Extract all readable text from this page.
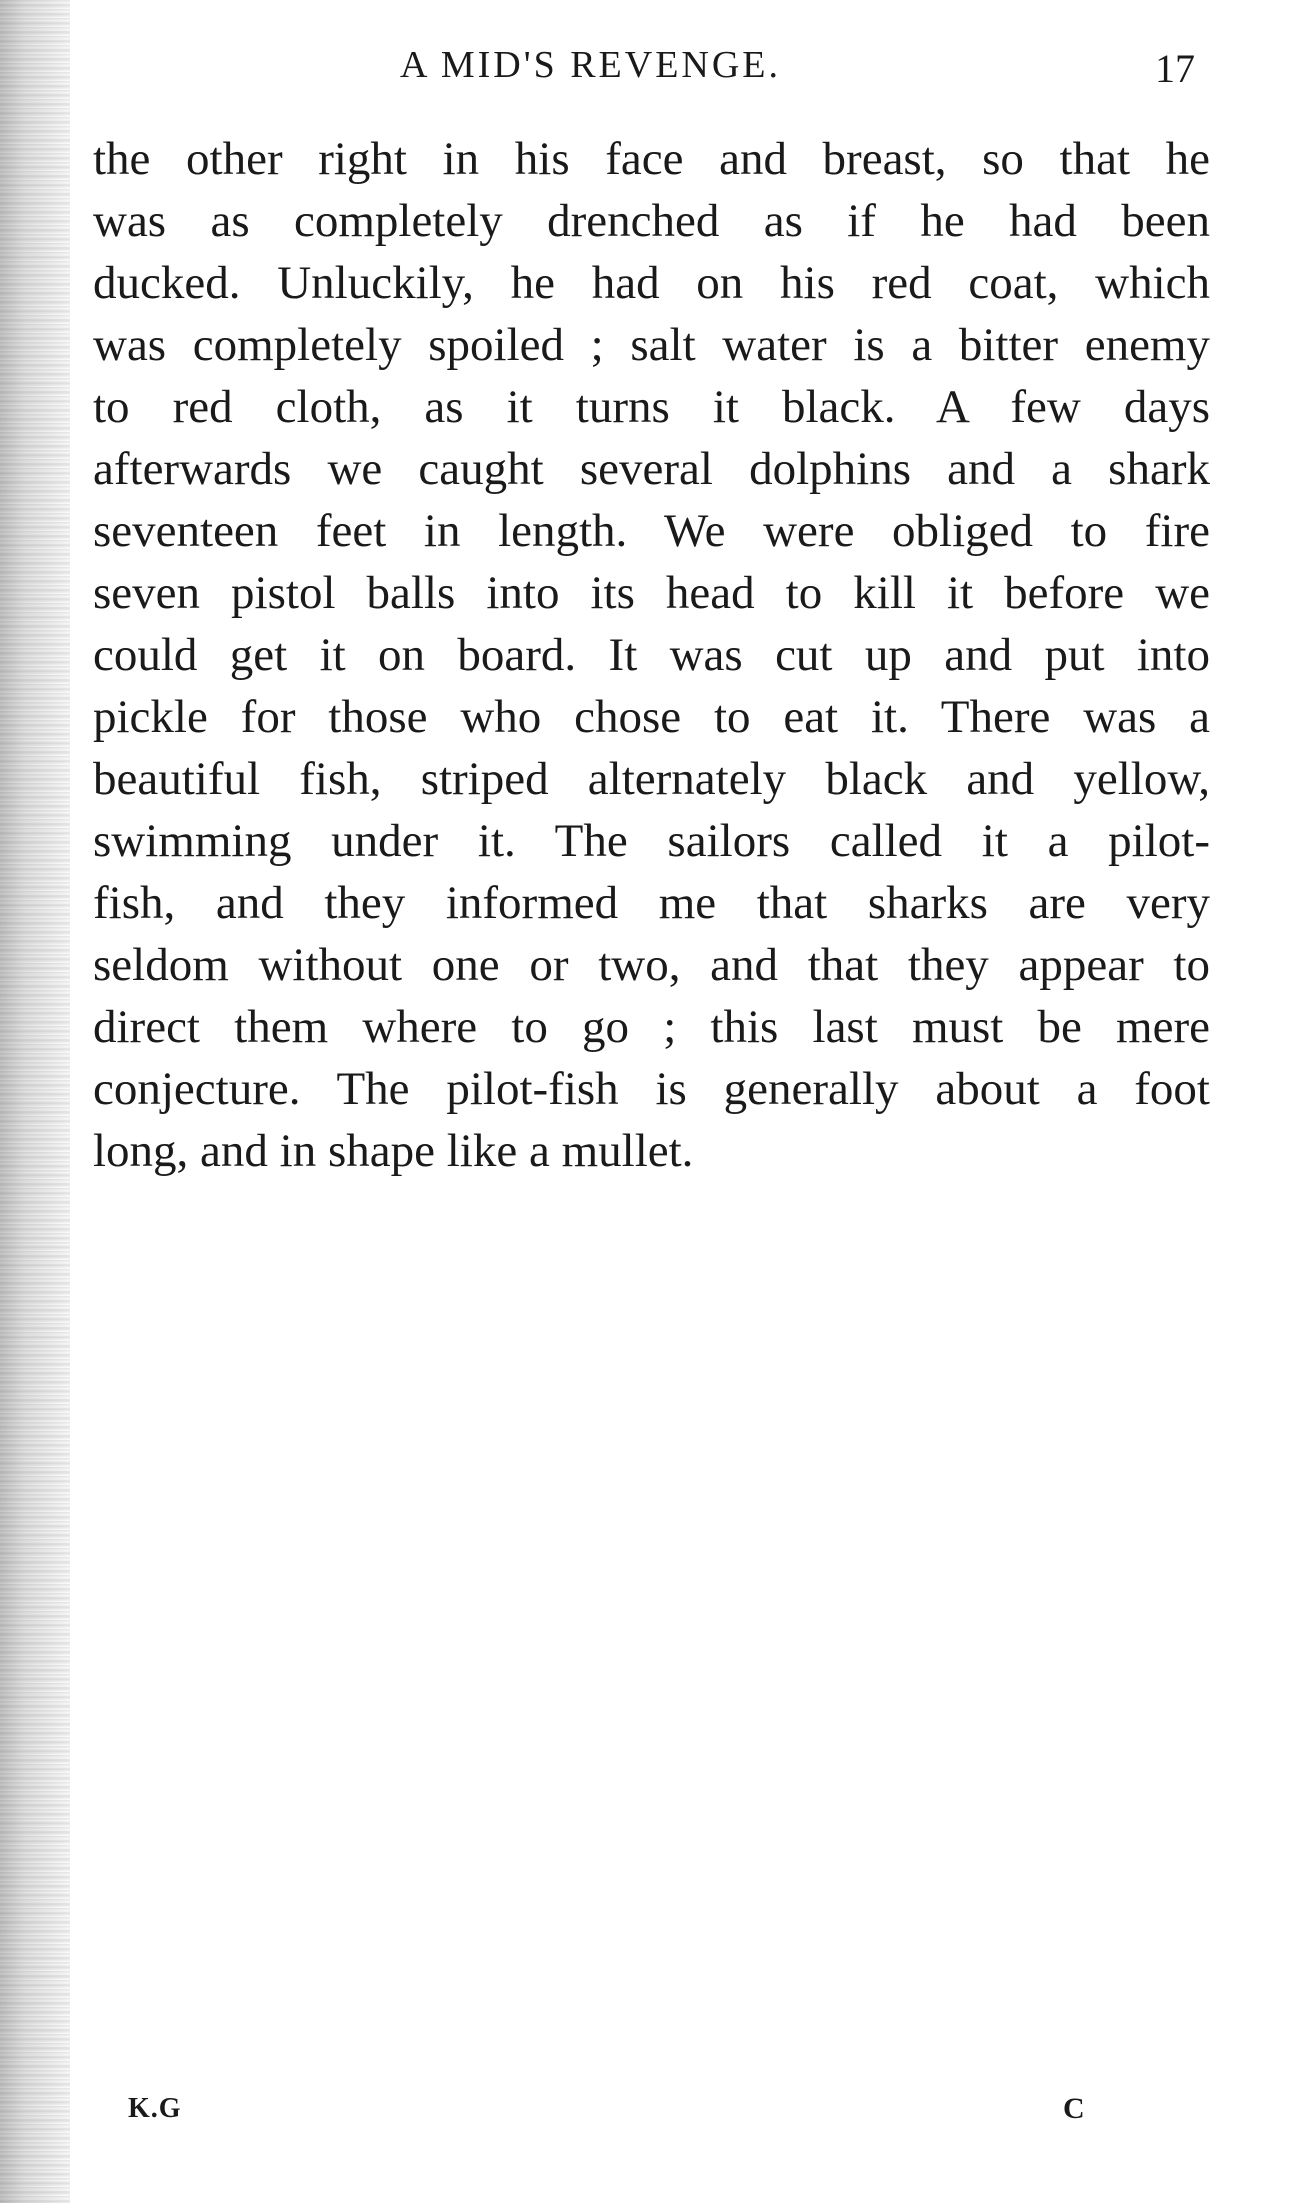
A MID'S REVENGE.	17
the other right in his face and breast, so that he
was as completely drenched as if he had been
ducked. Unluckily, he had on his red coat, which
was completely spoiled ; salt water is a bitter enemy
to red cloth, as it turns it black. A few days
afterwards we caught several dolphins and a shark
seventeen feet in length. We were obliged to fire
seven pistol balls into its head to kill it before we
could get it on board. It was cut up and put into
pickle for those who chose to eat it. There was a
beautiful fish, striped alternately black and yellow,
swimming under it. The sailors called it a pilot-
fish, and they informed me that sharks are very
seldom without one or two, and that they appear to
direct them where to go ; this last must be mere
conjecture. The pilot-fish is generally about a foot
long, and in shape like a mullet.
K.G	C
